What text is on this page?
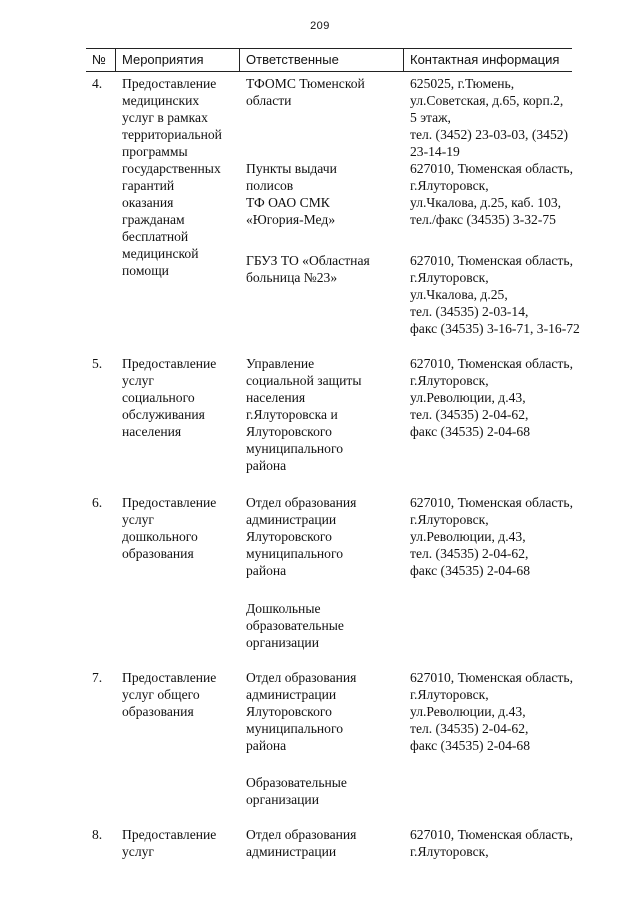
209
№ Мероприятия	Ответственные	Контактная информация
4. Предоставление
медицинских
услуг в рамках
территориальной
программы
государственных
гарантий
оказания
гражданам
бесплатной
медицинской
помощи
ТФОМС Тюменской
области
Пункты выдачи
полисов
ТФ ОАО СМК
«Югория-Мед»
ГБУЗ ТО «Областная
больница №23»
625025, г.Тюмень,
ул.Советская, д.65, корп.2,
5 этаж,
тел. (3452) 23-03-03, (3452)
23-14-19
627010, Тюменская область,
г.Ялуторовск,
ул.Чкалова, д.25, каб. 103,
тел./факс (34535) 3-32-75
627010, Тюменская область,
г.Ялуторовск,
ул.Чкалова, д.25,
тел. (34535) 2-03-14,
факс (34535) 3-16-71, 3-16-72
5. Предоставление
услуг
социального
обслуживания
населения
Управление
социальной защиты
населения
г.Ялуторовска и
Ялуторовского
муниципального
района
627010, Тюменская область,
г.Ялуторовск,
ул.Революции, д.43,
тел. (34535) 2-04-62,
факс (34535) 2-04-68
6. Предоставление
услуг
дошкольного
образования
Отдел образования
администрации
Ялуторовского
муниципального
района
Дошкольные
образовательные
организации
627010, Тюменская область,
г.Ялуторовск,
ул.Революции, д.43,
тел. (34535) 2-04-62,
факс (34535) 2-04-68
7. Предоставление
услуг общего
образования
Отдел образования
администрации
Ялуторовского
муниципального
района
Образовательные
организации
627010, Тюменская область,
г.Ялуторовск,
ул.Революции, д.43,
тел. (34535) 2-04-62,
факс (34535) 2-04-68
8. Предоставление
услуг
Отдел образования
администрации
627010, Тюменская область,
г.Ялуторовск,
